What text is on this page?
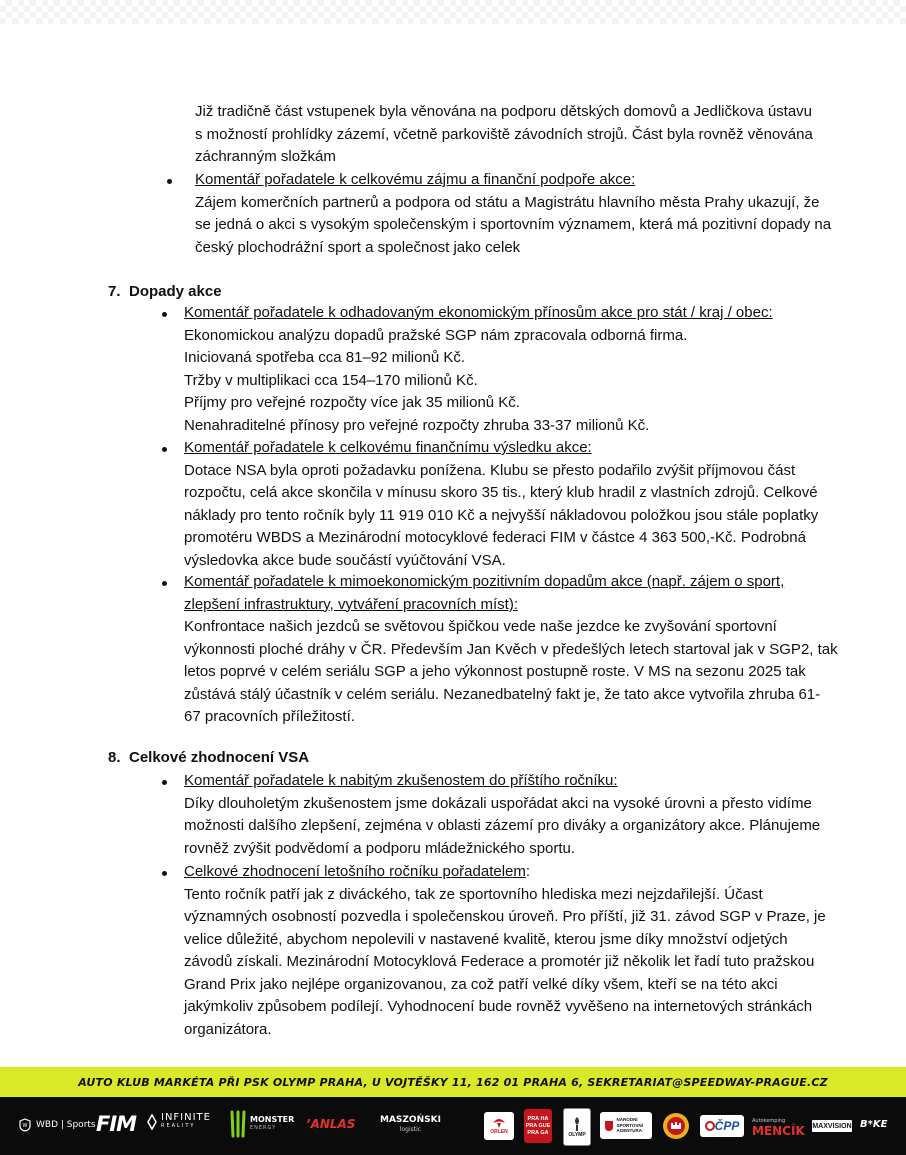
Již tradičně část vstupenek byla věnována na podporu dětských domovů a Jedličkova ústavu
s možností prohlídky zázemí, včetně parkoviště závodních strojů. Část byla rovněž věnována
záchranným složkám
Komentář pořadatele k celkovému zájmu a finanční podpoře akce:
Zájem komerčních partnerů a podpora od státu a Magistrátu hlavního města Prahy ukazují, že
se jedná o akci s vysokým společenským i sportovním významem, která má pozitivní dopady na
český plochodrážní sport a společnost jako celek
7. Dopady akce
Komentář pořadatele k odhadovaným ekonomickým přínosům akce pro stát / kraj / obec:
Ekonomickou analýzu dopadů pražské SGP nám zpracovala odborná firma.
Iniciovaná spotřeba cca 81–92 milionů Kč.
Tržby v multiplikaci cca 154–170 milionů Kč.
Příjmy pro veřejné rozpočty více jak 35 milionů Kč.
Nenahraditelné přínosy pro veřejné rozpočty zhruba 33-37 milionů Kč.
Komentář pořadatele k celkovému finančnímu výsledku akce:
Dotace NSA byla oproti požadavku ponížena. Klubu se přesto podařilo zvýšit příjmovou část
rozpočtu, celá akce skončila v mínusu skoro 35 tis., který klub hradil z vlastních zdrojů. Celkové
náklady pro tento ročník byly 11 919 010 Kč a nejvyšší nákladovou položkou jsou stále poplatky
promotéru WBDS a Mezinárodní motocyklové federaci FIM v částce 4 363 500,-Kč. Podrobná
výsledovka akce bude součástí vyúčtování VSA.
Komentář pořadatele k mimoekonomickým pozitivním dopadům akce (např. zájem o sport,
zlepšení infrastruktury, vytváření pracovních míst):
Konfrontace našich jezdců se světovou špičkou vede naše jezdce ke zvyšování sportovní
výkonnosti ploché dráhy v ČR. Především Jan Kvěch v předešlých letech startoval jak v SGP2, tak
letos poprvé v celém seriálu SGP a jeho výkonnost postupně roste. V MS na sezonu 2025 tak
zůstává stálý účastník v celém seriálu. Nezanedbatelný fakt je, že tato akce vytvořila zhruba 61-
67 pracovních příležitostí.
8. Celkové zhodnocení VSA
Komentář pořadatele k nabitým zkušenostem do příštího ročníku:
Díky dlouholetým zkušenostem jsme dokázali uspořádat akci na vysoké úrovni a přesto vidíme
možnosti dalšího zlepšení, zejména v oblasti zázemí pro diváky a organizátory akce. Plánujeme
rovněž zvýšit podvědomí a podporu mládežnického sportu.
Celkové zhodnocení letošního ročníku pořadatelem:
Tento ročník patří jak z diváckého, tak ze sportovního hlediska mezi nejzdařilejší. Účast
významných osobností pozvedla i společenskou úroveň. Pro příští, již 31. závod SGP v Praze, je
velice důležité, abychom nepolevili v nastavené kvalitě, kterou jsme díky množství odjetých
závodů získali. Mezinárodní Motocyklová Federace a promotér již několik let řadí tuto pražskou
Grand Prix jako nejlépe organizovanou, za což patří velké díky všem, kteří se na této akci
jakýmkoliv způsobem podílejí. Vyhodnocení bude rovněž vyvěšeno na internetových stránkách
organizátora.
AUTO KLUB MARKÉTA PŘI PSK OLYMP PRAHA, U VOJTĚŠKY 11, 162 01 PRAHA 6, SEKRETARIAT@SPEEDWAY-PRAGUE.CZ
W WBD | Sports FIM INFINITE
REALITY
MONSTER
ENERGY	’ANLAS	MASZOŃSKI
logistic	ORLEN
PRA HA PRA GUE PRA GA	OLYMP
NÁRODNÍ SPORTOVNÍ AGENTURA	ČPP	Autokemping
MENCÍK MAXVISION B*KE
